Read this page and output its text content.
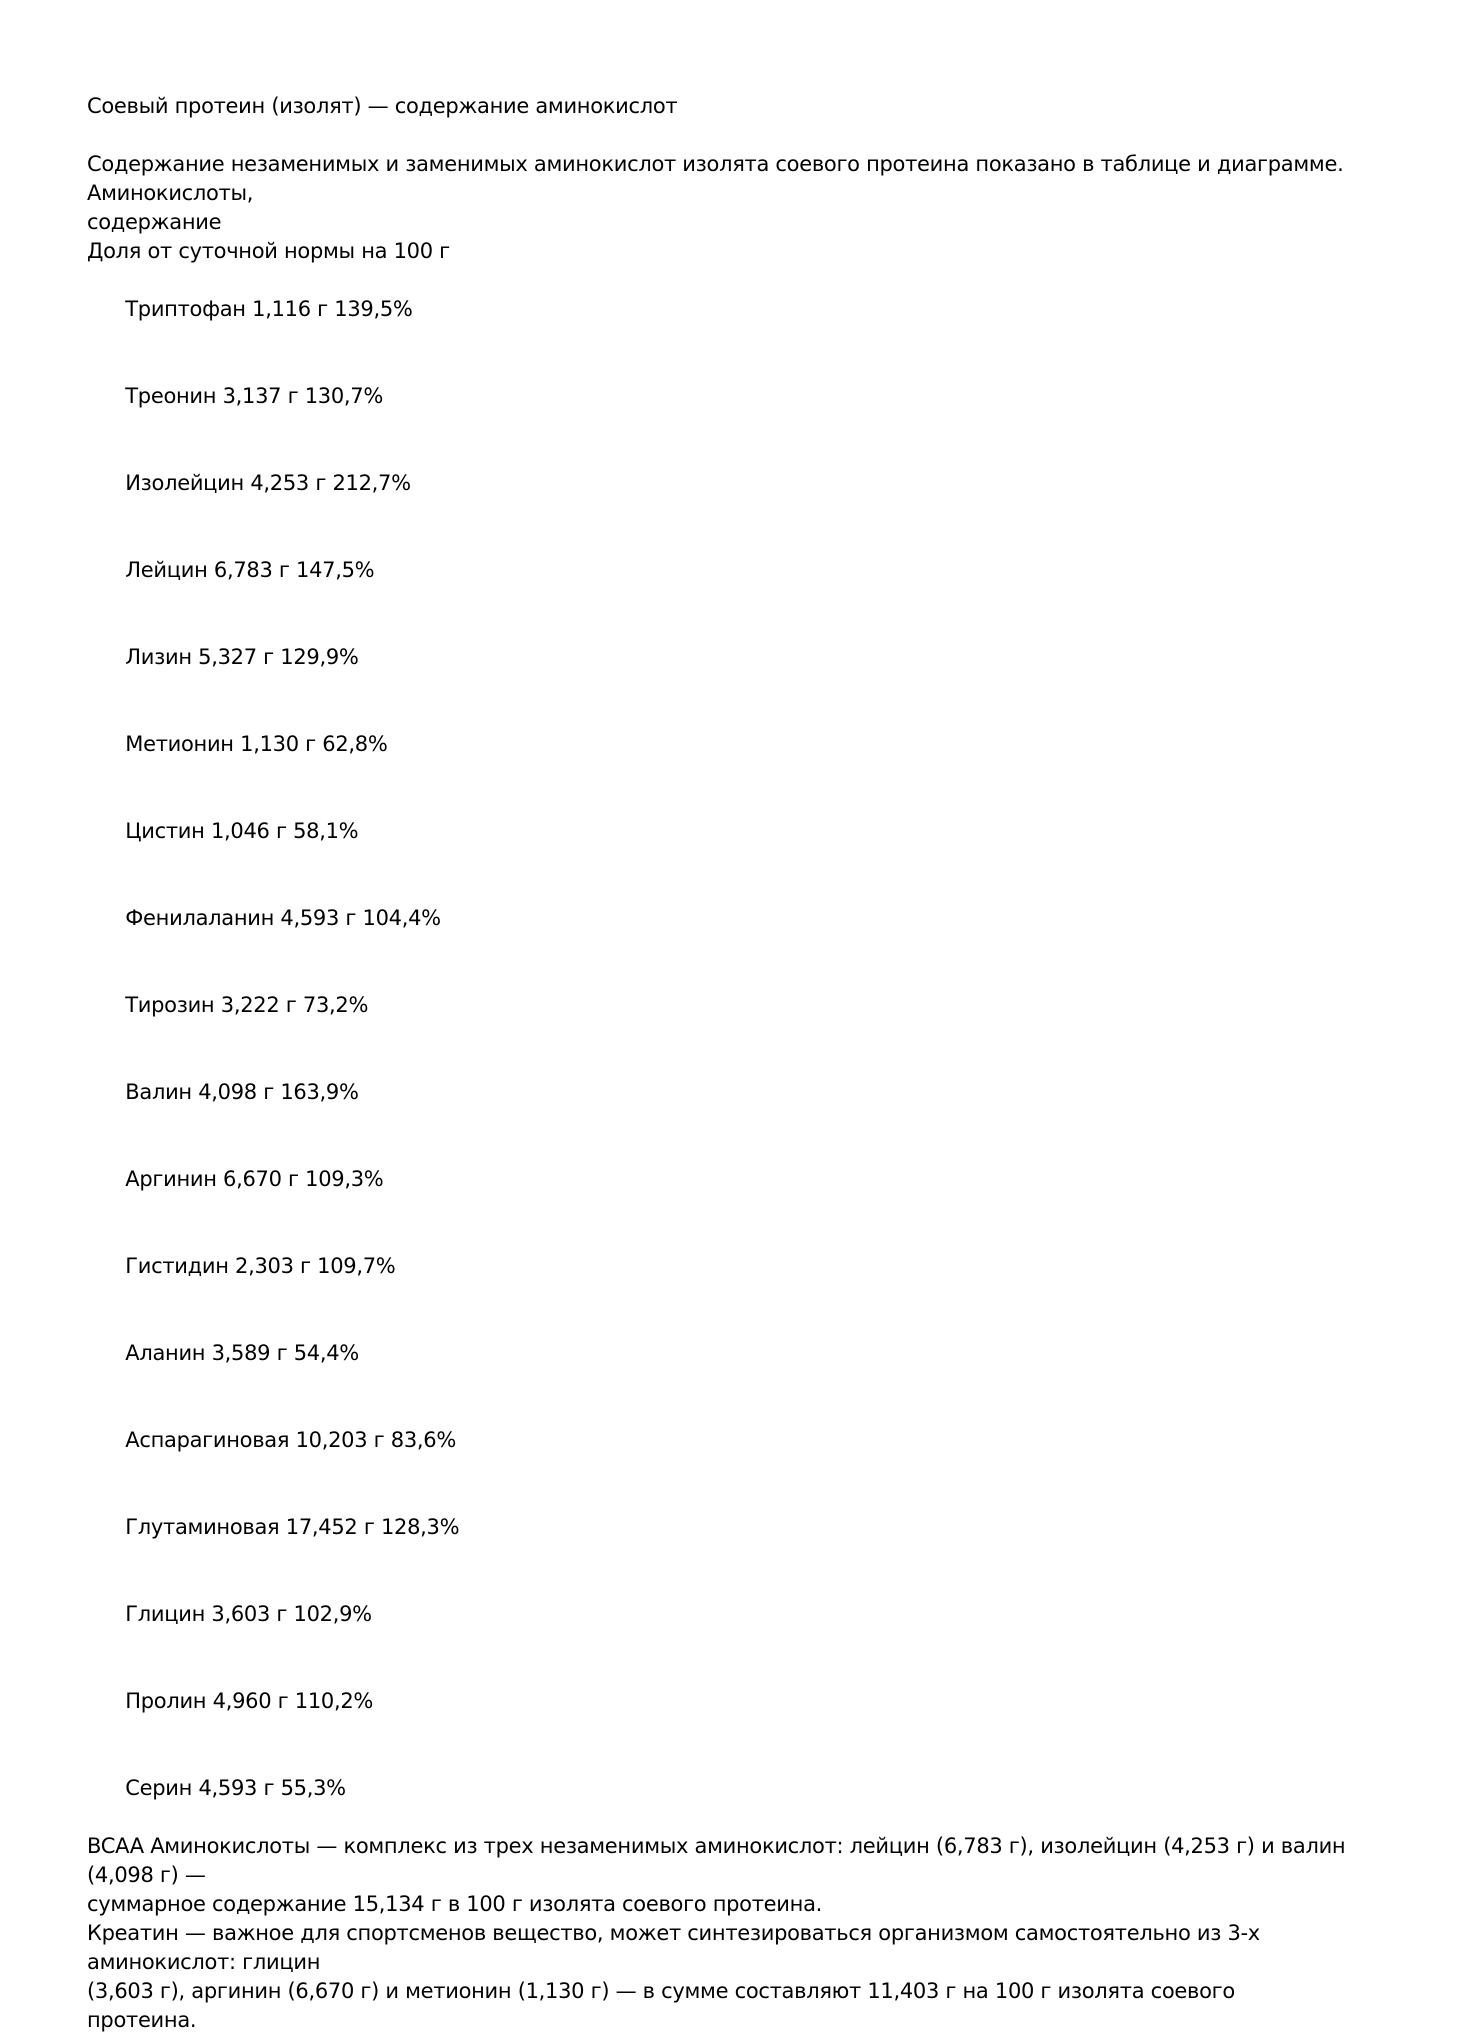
Соевый протеин (изолят) — содержание аминокислот
Содержание незаменимых и заменимых аминокислот изолята соевого протеина показано в таблице и диаграмме.
Аминокислоты,
содержание
Доля от суточной нормы на 100 г

Триптофан 1,116 г 139,5%

Треонин 3,137 г 130,7%

Изолейцин 4,253 г 212,7%

Лейцин 6,783 г 147,5%

Лизин 5,327 г 129,9%

Метионин 1,130 г 62,8%

Цистин 1,046 г 58,1%

Фенилаланин 4,593 г 104,4%

Тирозин 3,222 г 73,2%

Валин 4,098 г 163,9%

Аргинин 6,670 г 109,3%

Гистидин 2,303 г 109,7%

Аланин 3,589 г 54,4%

Аспарагиновая 10,203 г 83,6%

Глутаминовая 17,452 г 128,3%

Глицин 3,603 г 102,9%

Пролин 4,960 г 110,2%

Серин 4,593 г 55,3%

BCAA Аминокислоты — комплекс из трех незаменимых аминокислот: лейцин (6,783 г), изолейцин (4,253 г) и валин
(4,098 г) —
суммарное содержание 15,134 г в 100 г изолята соевого протеина.
Креатин — важное для спортсменов вещество, может синтезироваться организмом самостоятельно из 3-х
аминокислот: глицин
(3,603 г), аргинин (6,670 г) и метионин (1,130 г) — в сумме составляют 11,403 г на 100 г изолята соевого
протеина.
